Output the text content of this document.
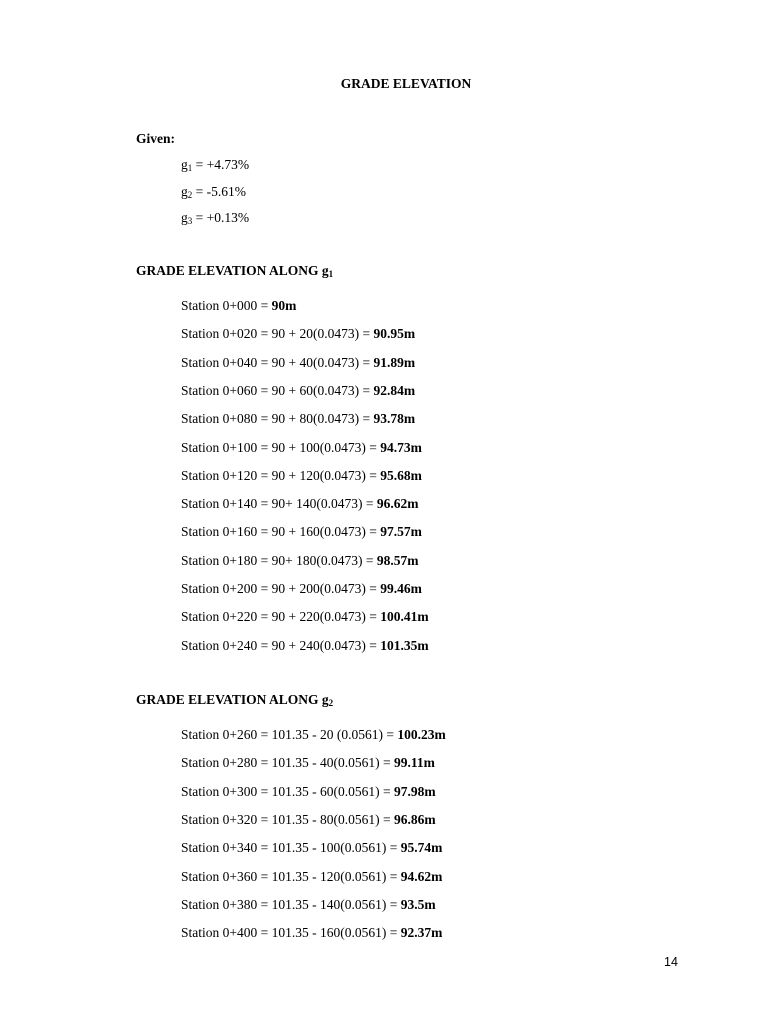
GRADE ELEVATION
Given:
$g_1 = +4.73\%$
$g_2 = -5.61\%$
$g_3 = +0.13\%$
GRADE ELEVATION ALONG $g_1$
Station 0+000 = 90m
Station 0+020 = 90 + 20(0.0473) = 90.95m
Station 0+040 = 90 + 40(0.0473) = 91.89m
Station 0+060 = 90 + 60(0.0473) = 92.84m
Station 0+080 = 90 + 80(0.0473) = 93.78m
Station 0+100 = 90 + 100(0.0473) = 94.73m
Station 0+120 = 90 + 120(0.0473) = 95.68m
Station 0+140 = 90+ 140(0.0473) = 96.62m
Station 0+160 = 90 + 160(0.0473) = 97.57m
Station 0+180 = 90+ 180(0.0473) = 98.57m
Station 0+200 = 90 + 200(0.0473) = 99.46m
Station 0+220 = 90 + 220(0.0473) = 100.41m
Station 0+240 = 90 + 240(0.0473) = 101.35m
GRADE ELEVATION ALONG $g_2$
Station 0+260 = 101.35 - 20 (0.0561) = 100.23m
Station 0+280 = 101.35 - 40(0.0561) = 99.11m
Station 0+300 = 101.35 - 60(0.0561) = 97.98m
Station 0+320 = 101.35 - 80(0.0561) = 96.86m
Station 0+340 = 101.35 - 100(0.0561) = 95.74m
Station 0+360 = 101.35 - 120(0.0561) = 94.62m
Station 0+380 = 101.35 - 140(0.0561) = 93.5m
Station 0+400 = 101.35 - 160(0.0561) = 92.37m
14
